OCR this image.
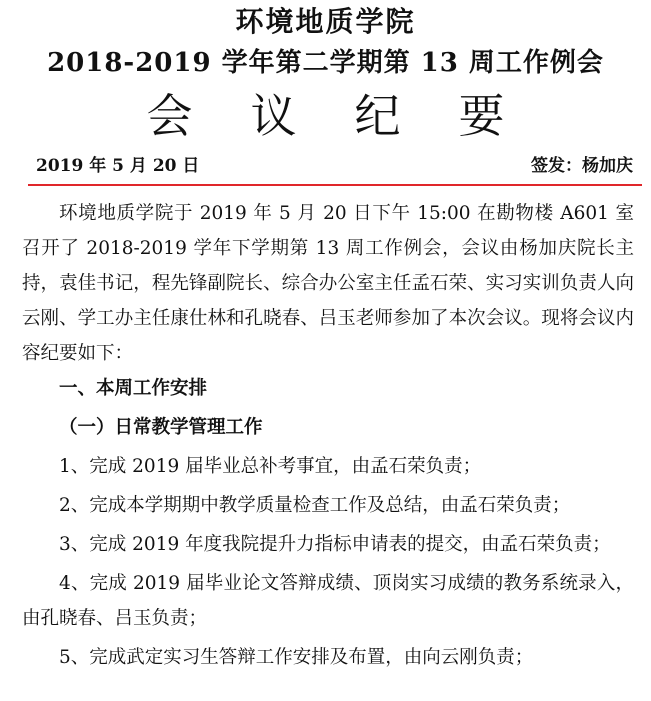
环境地质学院
2018-2019 学年第二学期第 13 周工作例会
会议纪要
2019 年 5 月 20 日	签发：杨加庆

环境地质学院于 2019 年 5 月 20 日下午 15:00 在勘物楼 A601 室召开了 2018-2019 学年下学期第 13 周工作例会，会议由杨加庆院长主持，袁佳书记，程先锋副院长、综合办公室主任孟石荣、实习实训负责人向云刚、学工办主任康仕林和孔晓春、吕玉老师参加了本次会议。现将会议内容纪要如下：

一、本周工作安排

（一）日常教学管理工作

1、完成 2019 届毕业总补考事宜，由孟石荣负责；

2、完成本学期期中教学质量检查工作及总结，由孟石荣负责；

3、完成 2019 年度我院提升力指标申请表的提交，由孟石荣负责；

4、完成 2019 届毕业论文答辩成绩、顶岗实习成绩的教务系统录入，由孔晓春、吕玉负责；

5、完成武定实习生答辩工作安排及布置，由向云刚负责；
